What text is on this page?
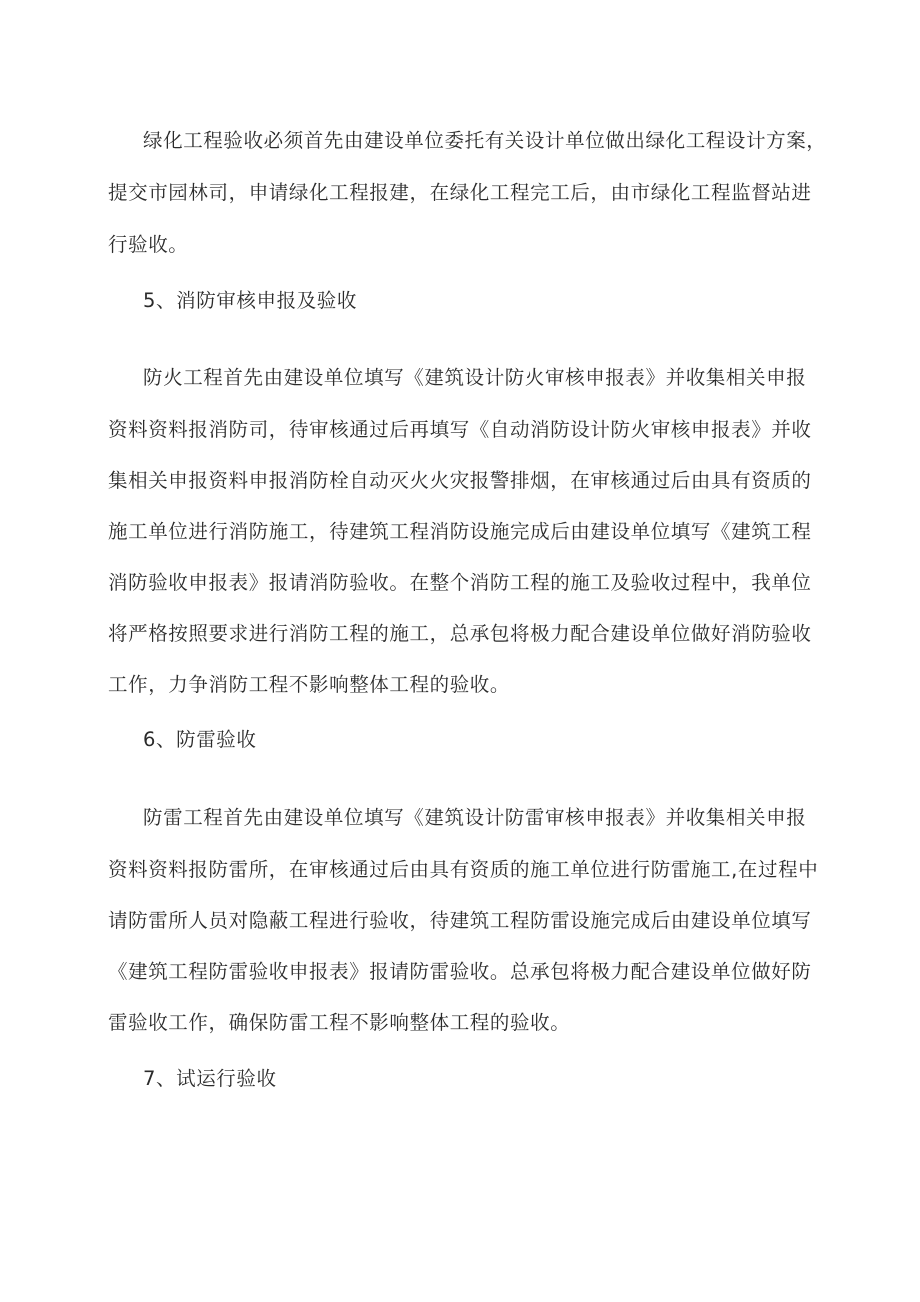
绿化工程验收必须首先由建设单位委托有关设计单位做出绿化工程设计方案，
提交市园林司，申请绿化工程报建，在绿化工程完工后，由市绿化工程监督站进
行验收。
5、消防审核申报及验收
防火工程首先由建设单位填写《建筑设计防火审核申报表》并收集相关申报
资料资料报消防司，待审核通过后再填写《自动消防设计防火审核申报表》并收
集相关申报资料申报消防栓自动灭火火灾报警排烟，在审核通过后由具有资质的
施工单位进行消防施工，待建筑工程消防设施完成后由建设单位填写《建筑工程
消防验收申报表》报请消防验收。在整个消防工程的施工及验收过程中，我单位
将严格按照要求进行消防工程的施工，总承包将极力配合建设单位做好消防验收
工作，力争消防工程不影响整体工程的验收。
6、防雷验收
防雷工程首先由建设单位填写《建筑设计防雷审核申报表》并收集相关申报
资料资料报防雷所，在审核通过后由具有资质的施工单位进行防雷施工,在过程中
请防雷所人员对隐蔽工程进行验收，待建筑工程防雷设施完成后由建设单位填写
《建筑工程防雷验收申报表》报请防雷验收。总承包将极力配合建设单位做好防
雷验收工作，确保防雷工程不影响整体工程的验收。
7、试运行验收
